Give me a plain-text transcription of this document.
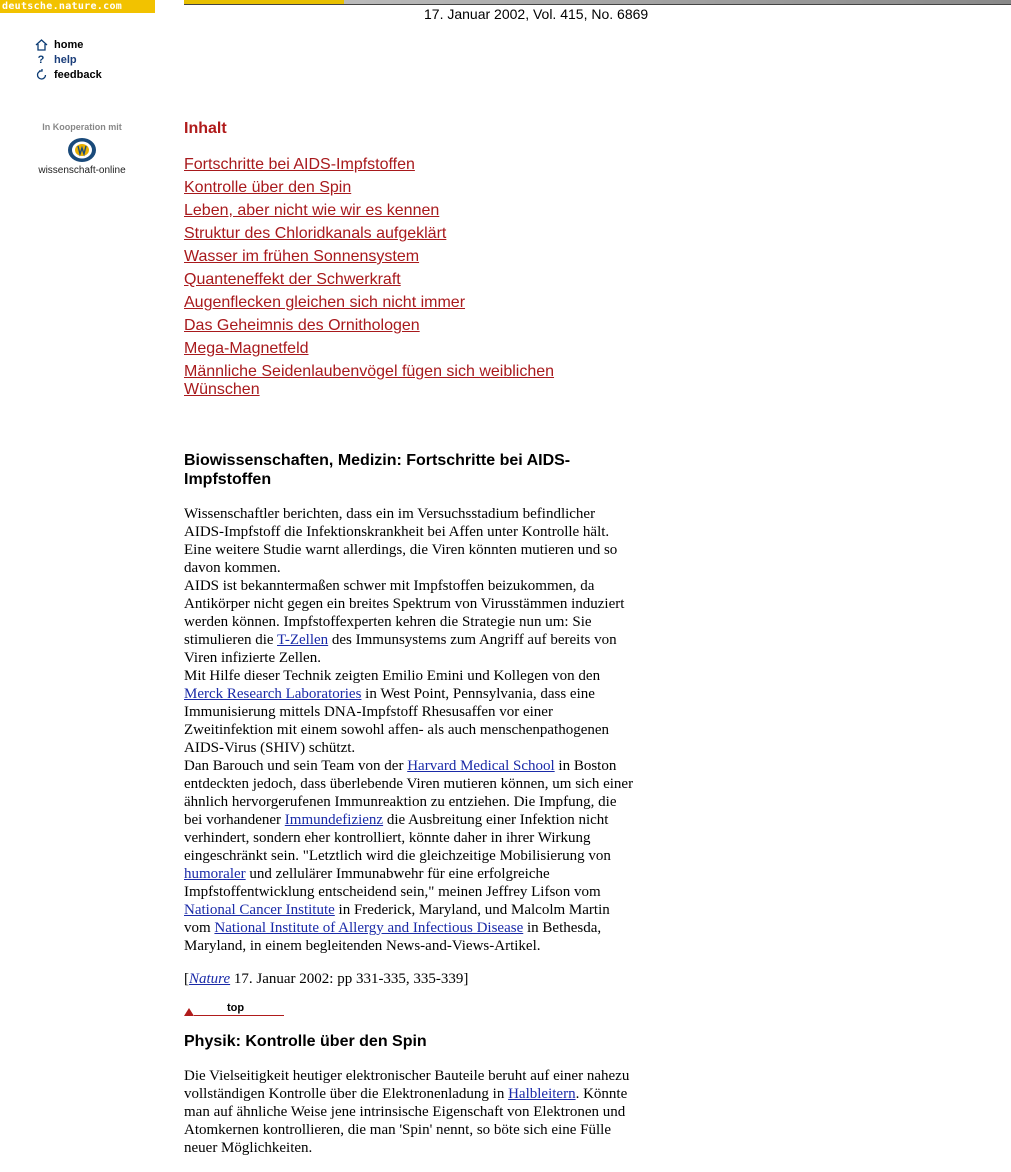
deutsche.nature.com	17. Januar 2002, Vol. 415, No. 6869
home
? help
feedback
In Kooperation mit
wissenschaft-online
Inhalt
Fortschritte bei AIDS-Impfstoffen
Kontrolle über den Spin
Leben, aber nicht wie wir es kennen
Struktur des Chloridkanals aufgeklärt
Wasser im frühen Sonnensystem
Quanteneffekt der Schwerkraft
Augenflecken gleichen sich nicht immer
Das Geheimnis des Ornithologen
Mega-Magnetfeld
Männliche Seidenlaubenvögel fügen sich weiblichen Wünschen
Biowissenschaften, Medizin: Fortschritte bei AIDS-Impfstoffen
Wissenschaftler berichten, dass ein im Versuchsstadium befindlicher AIDS-Impfstoff die Infektionskrankheit bei Affen unter Kontrolle hält. Eine weitere Studie warnt allerdings, die Viren könnten mutieren und so davon kommen.
AIDS ist bekanntermaßen schwer mit Impfstoffen beizukommen, da Antikörper nicht gegen ein breites Spektrum von Virusstämmen induziert werden können. Impfstoffexperten kehren die Strategie nun um: Sie stimulieren die T-Zellen des Immunsystems zum Angriff auf bereits von Viren infizierte Zellen.
Mit Hilfe dieser Technik zeigten Emilio Emini und Kollegen von den Merck Research Laboratories in West Point, Pennsylvania, dass eine Immunisierung mittels DNA-Impfstoff Rhesusaffen vor einer Zweitinfektion mit einem sowohl affen- als auch menschenpathogenen AIDS-Virus (SHIV) schützt.
Dan Barouch und sein Team von der Harvard Medical School in Boston entdeckten jedoch, dass überlebende Viren mutieren können, um sich einer ähnlich hervorgerufenen Immunreaktion zu entziehen. Die Impfung, die bei vorhandener Immundefizienz die Ausbreitung einer Infektion nicht verhindert, sondern eher kontrolliert, könnte daher in ihrer Wirkung eingeschränkt sein. "Letztlich wird die gleichzeitige Mobilisierung von humoraler und zellulärer Immunabwehr für eine erfolgreiche Impfstoffentwicklung entscheidend sein," meinen Jeffrey Lifson vom National Cancer Institute in Frederick, Maryland, und Malcolm Martin vom National Institute of Allergy and Infectious Disease in Bethesda, Maryland, in einem begleitenden News-and-Views-Artikel.
[Nature 17. Januar 2002: pp 331-335, 335-339]
top
Physik: Kontrolle über den Spin
Die Vielseitigkeit heutiger elektronischer Bauteile beruht auf einer nahezu vollständigen Kontrolle über die Elektronenladung in Halbleitern. Könnte man auf ähnliche Weise jene intrinsische Eigenschaft von Elektronen und Atomkernen kontrollieren, die man 'Spin' nennt, so böte sich eine Fülle neuer Möglichkeiten.
